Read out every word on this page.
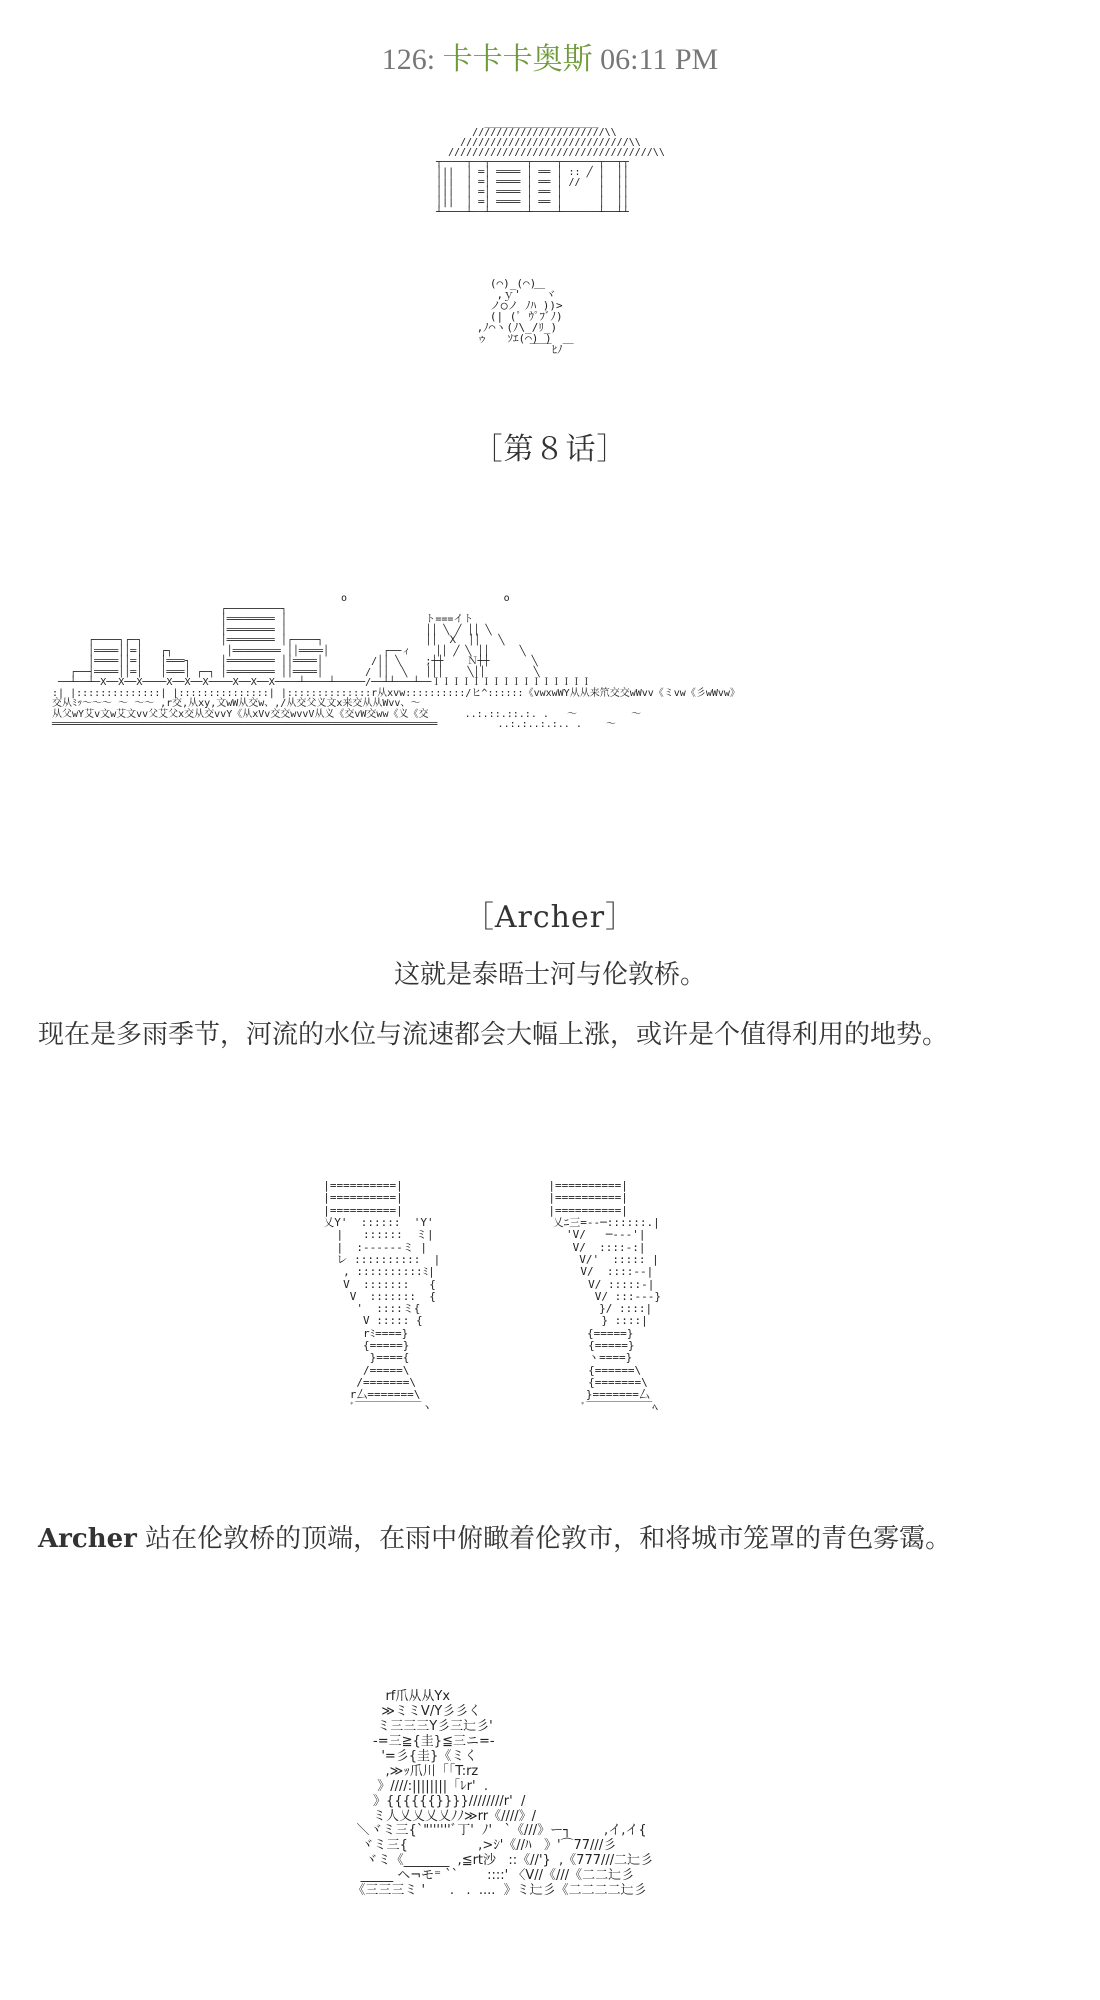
126: 卡卡卡奥斯 06:11 PM
___________________
//////////////////////\\
////////////////////////////\\
//////////////////////////////////\\
┬────┬──┬──────┬────┬──────┬──┬┬
│||  │ ═│ ════ │ ══ │ :: ╱ │  ││
│||  │ ═│ ════ │ ══ │ //   │  ││
│||  │ ═│ ════ │ ══ │      │  ││
│||  │ ═│ ════ │ ══ │      │  ││
┴────┴──┴──────┴────┴──────┴──┴┴
(⌒)_(⌒)
,ｙ'  ￣ヾ
ノ◯ノ ﾉﾊ ))>
(| (ﾟ ｳﾟﾌﾞﾉ)
,ﾉ⌒ヽ(ﾉ\_/ﾘ_)
ゥ   ｿｴ(⌒) )
￣￣ﾋﾉ￣
［第８话］
o                          o
┌─────────┐
│════════ │                       ト===イト
│════════ │                       ││ ╲ ╱ ││ ╲
┌────┐┌─┐             │════════ │┌────┐                 ││  Ⅹ  ││   ╲
│════││═│   ┌┐         │════════ ││════│         ┌──ィ    ││ ╱ ╲ ││     ╲
│════││═│   │═══┐     │════════ ││════│        /││ ╲    ;┼┼    Ｎ┼┼       ╲
┌──┤════││═│   │═══│ ┌─┐ │════════ ││════│       / ││  ╲   │││    ╲││        ╲
──┴──┴─X──X──X────X──X──X────X──X──X────┴────┴─────/──┴┴───┴──ＩＩＩＩＩＩＩＩＩＩＩＩＩＩＩＩ
:| |::::::::::::::| |:::::::::::::::| |::::::::::::::r从xvw::::::::::/ヒ^::::::《vwxwWY从从来笊交交wWvv《ミvw《彡wWvw》
交从ﾐｯ〜〜〜 〜 〜〜 ,r交,从xy,文wW从交w、,/从交父义文x来交从从Wvv、〜
从父wY艾v文w艾文vv父艾父x交从交vvY《从xVv交交wvvV从义《交vW交ww《义《交      ..:.::.::.:. .   〜         〜
════════════════════════════════════════════════════════════════          ..:.:..:.:.. .    〜
［Archer］
这就是泰晤士河与伦敦桥。
现在是多雨季节，河流的水位与流速都会大幅上涨，或许是个值得利用的地势。
|==========|                      |==========|
|==========|                      |==========|
|==========|                      |==========|
乂Y'  ::::::  'Y'                  乂ﾆ三=--─::::::.|
|   ::::::  ミ|                    'V/   ─---'|
|  :------ミ |                      V/  ::::-:|
レ ::::::::::  |                     V/'  ::::: |
, ::::::::::ﾐ|                      V/  ::::--|
V  :::::::   {                       V/ :::::-|
V  :::::::  {                        V/ :::---}
'  ::::ミ{                           }/ ::::|
V ::::: {                           } ::::|
rﾐ====}                           {=====}
{=====}                           {=====}
}===={                           ヽ====}
/=====\                           {======\
/=======\                          {=======\
r厶=======\                         }=======厶
ﾞ￣￣￣￣￣￣ヽ                       ﾞ￣￣￣￣￣￣ﾍ
Archer 站在伦敦桥的顶端，在雨中俯瞰着伦敦市，和将城市笼罩的青色雾霭。
rf爪从从Yx
≫ミミV/Y彡彡く
ミ三三三Y彡三辷彡'
-=三≧{圭}≦三ニ=-
'=彡{圭}《ミく
,≫ｯ爪川「「T:rz
》////:||||||||「ﾚr'  .
》{{{{{{}}}}////////r'  /
ミ人乂乂乂乂ﾉﾉ≫rr《////》/
＼ヾミ三{`"''''''ﾞ丁'  ﾉ'   `《///》ー┐        ,イ,イ{
ヾミ三{                 ,>ｼ'《//ﾊ   》'⌒77///彡
ヾミ《_______  ,≦rt沙   ::《//'}  ,《777///二辷彡
_____ ヘ¬モ⁼ ``       ::::' 〈V//《///《二二辷彡
《三三三ミ '      .   .  ....  》ミ辷彡《二二二二辷彡
